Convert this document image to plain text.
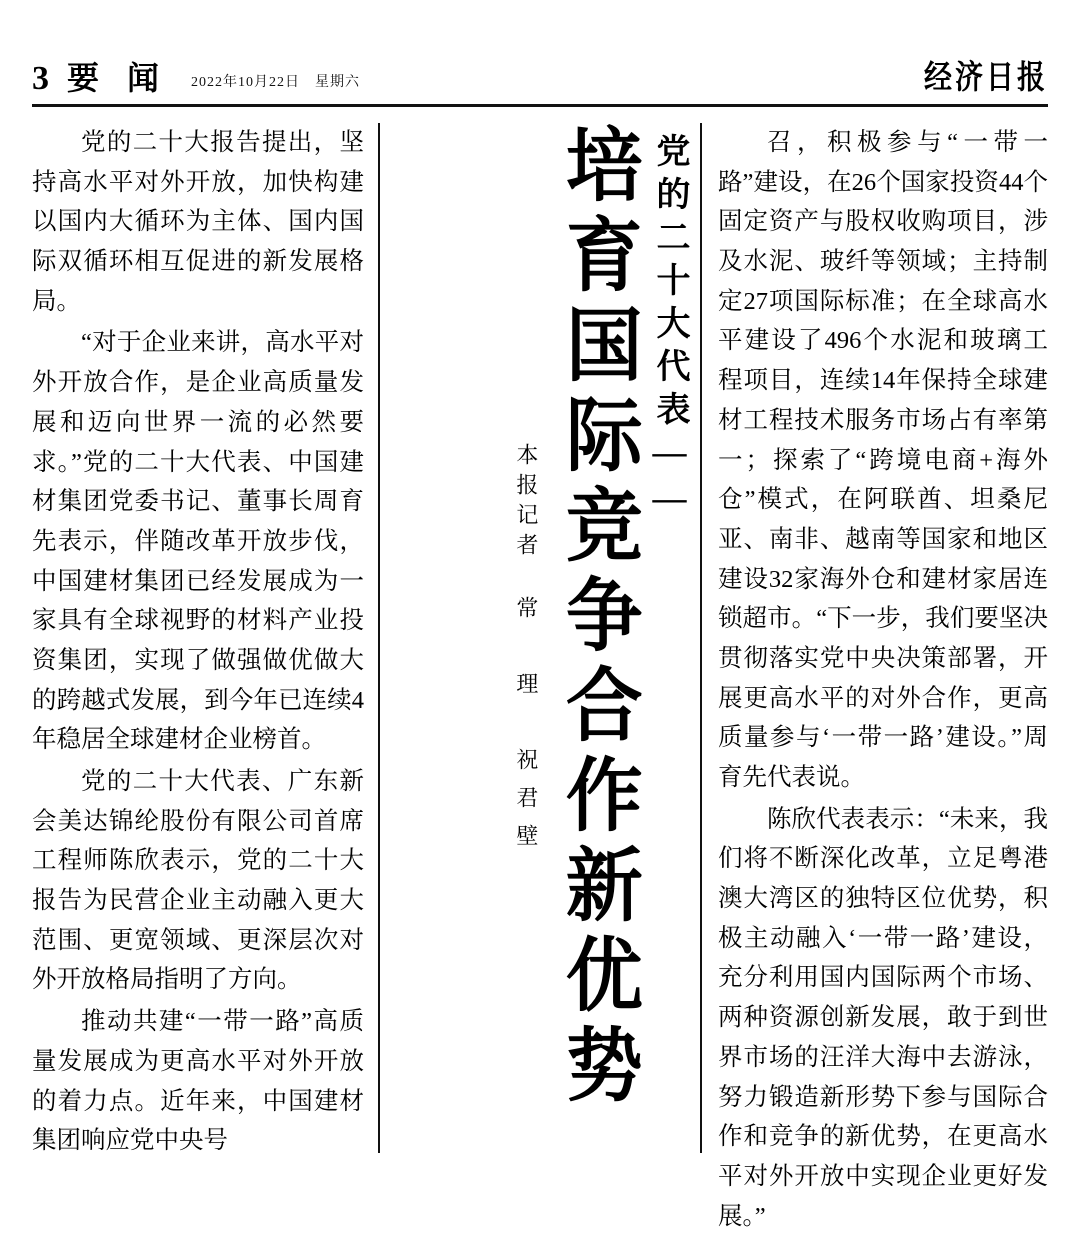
3 要 闻 2022年10月22日　星期六	经济日报

党的二十大报告提出，坚持高水平对外开放，加快构建以国内大循环为主体、国内国际双循环相互促进的新发展格局。

“对于企业来讲，高水平对外开放合作，是企业高质量发展和迈向世界一流的必然要求。”党的二十大代表、中国建材集团党委书记、董事长周育先表示，伴随改革开放步伐，中国建材集团已经发展成为一家具有全球视野的材料产业投资集团，实现了做强做优做大的跨越式发展，到今年已连续4年稳居全球建材企业榜首。

党的二十大代表、广东新会美达锦纶股份有限公司首席工程师陈欣表示，党的二十大报告为民营企业主动融入更大范围、更宽领域、更深层次对外开放格局指明了方向。

推动共建“一带一路”高质量发展成为更高水平对外开放的着力点。近年来，中国建材集团响应党中央号

党的二十大代表——
培育国际竞争合作新优势
本报记者 常　理　祝君壁

召，积极参与“一带一路”建设，在26个国家投资44个固定资产与股权收购项目，涉及水泥、玻纤等领域；主持制定27项国际标准；在全球高水平建设了496个水泥和玻璃工程项目，连续14年保持全球建材工程技术服务市场占有率第一；探索了“跨境电商+海外仓”模式，在阿联酋、坦桑尼亚、南非、越南等国家和地区建设32家海外仓和建材家居连锁超市。“下一步，我们要坚决贯彻落实党中央决策部署，开展更高水平的对外合作，更高质量参与‘一带一路’建设。”周育先代表说。

陈欣代表表示：“未来，我们将不断深化改革，立足粤港澳大湾区的独特区位优势，积极主动融入‘一带一路’建设，充分利用国内国际两个市场、两种资源创新发展，敢于到世界市场的汪洋大海中去游泳，努力锻造新形势下参与国际合作和竞争的新优势，在更高水平对外开放中实现企业更好发展。”
